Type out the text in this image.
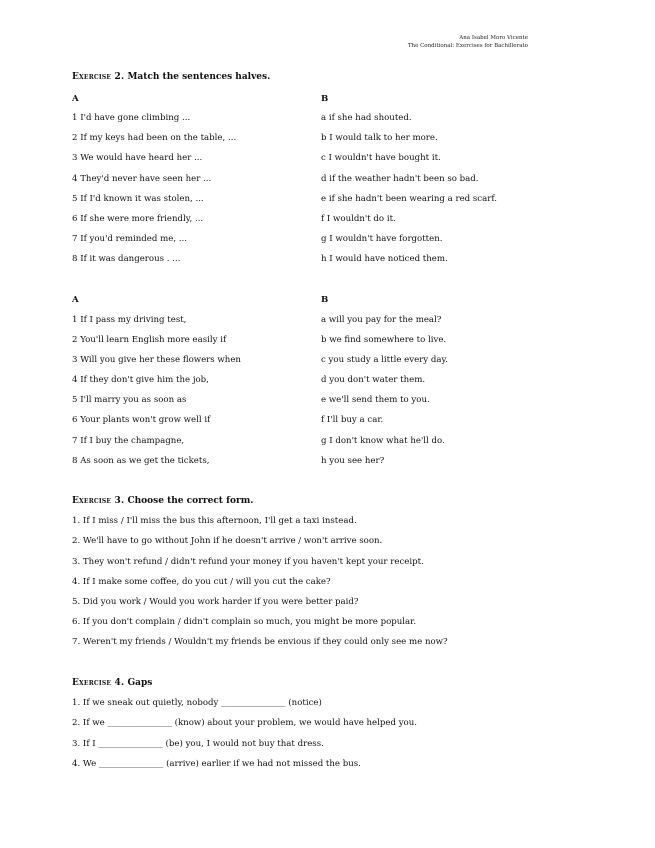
Ana Isabel Moro Vicente
The Conditional: Exercises for Bachillerato
Exercise 2. Match the sentences halves.
A	B
1 I'd have gone climbing ...
2 If my keys had been on the table, ...
3 We would have heard her ...
4 They'd never have seen her ...
5 If I'd known it was stolen, ...
6 If she were more friendly, ...
7 If you'd reminded me, ...
8 If it was dangerous . ...
a if she had shouted.
b I would talk to her more.
c I wouldn't have bought it.
d if the weather hadn't been so bad.
e if she hadn't been wearing a red scarf.
f I wouldn't do it.
g I wouldn't have forgotten.
h I would have noticed them.
A	B
1 If I pass my driving test,
2 You'll learn English more easily if
3 Will you give her these flowers when
4 If they don't give him the job,
5 I'll marry you as soon as
6 Your plants won't grow well if
7 If I buy the champagne,
8 As soon as we get the tickets,
a will you pay for the meal?
b we find somewhere to live.
c you study a little every day.
d you don't water them.
e we'll send them to you.
f I'll buy a car.
g I don't know what he'll do.
h you see her?
Exercise 3. Choose the correct form.
1. If I miss / I'll miss the bus this afternoon, I'll get a taxi instead.
2. We'll have to go without John if he doesn't arrive / won't arrive soon.
3. They won't refund / didn't refund your money if you haven't kept your receipt.
4. If I make some coffee, do you cut / will you cut the cake?
5. Did you work / Would you work harder if you were better paid?
6. If you don't complain / didn't complain so much, you might be more popular.
7. Weren't my friends / Wouldn't my friends be envious if they could only see me now?
Exercise 4. Gaps
1. If we sneak out quietly, nobody _______________ (notice)
2. If we _______________ (know) about your problem, we would have helped you.
3. If I _______________ (be) you, I would not buy that dress.
4. We _______________ (arrive) earlier if we had not missed the bus.
